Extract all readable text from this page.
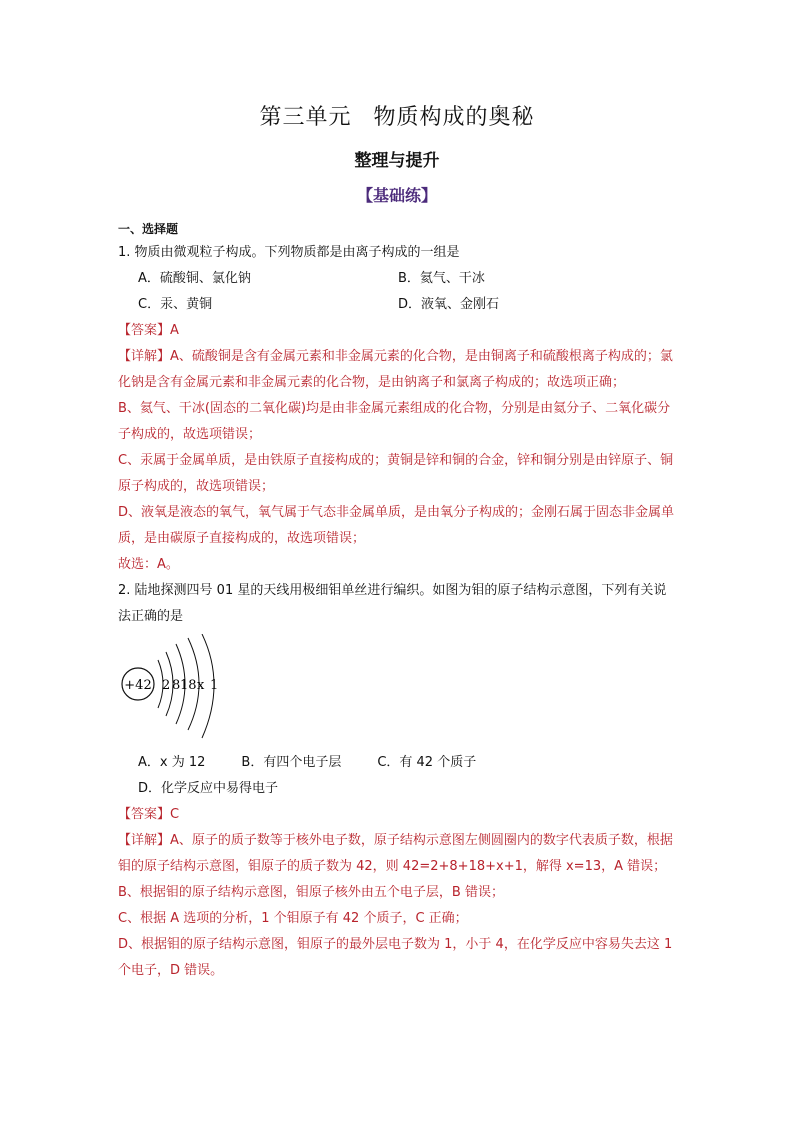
第三单元 物质构成的奥秘
整理与提升
【基础练】
一、选择题

1. 物质由微观粒子构成。下列物质都是由离子构成的一组是

A．硫酸铜、氯化钠	B．氦气、干冰
C．汞、黄铜	D．液氧、金刚石

【答案】A

【详解】A、硫酸铜是含有金属元素和非金属元素的化合物，是由铜离子和硫酸根离子构成的；氯化钠是含有金属元素和非金属元素的化合物，是由钠离子和氯离子构成的；故选项正确；

B、氦气、干冰(固态的二氧化碳)均是由非金属元素组成的化合物，分别是由氦分子、二氧化碳分子构成的，故选项错误；

C、汞属于金属单质，是由铁原子直接构成的；黄铜是锌和铜的合金，锌和铜分别是由锌原子、铜原子构成的，故选项错误；

D、液氧是液态的氧气，氧气属于气态非金属单质，是由氧分子构成的；金刚石属于固态非金属单质，是由碳原子直接构成的，故选项错误；

故选：A。

2. 陆地探测四号 01 星的天线用极细钼单丝进行编织。如图为钼的原子结构示意图，下列有关说法正确的是

+42 2 8 18 x 1
A．x 为 12	B．有四个电子层	C．有 42 个质子
D．化学反应中易得电子

【答案】C

【详解】A、原子的质子数等于核外电子数，原子结构示意图左侧圆圈内的数字代表质子数，根据钼的原子结构示意图，钼原子的质子数为 42，则 42=2+8+18+x+1，解得 x=13，A 错误；

B、根据钼的原子结构示意图，钼原子核外由五个电子层，B 错误；

C、根据 A 选项的分析，1 个钼原子有 42 个质子，C 正确；

D、根据钼的原子结构示意图，钼原子的最外层电子数为 1，小于 4，在化学反应中容易失去这 1 个电子，D 错误。
